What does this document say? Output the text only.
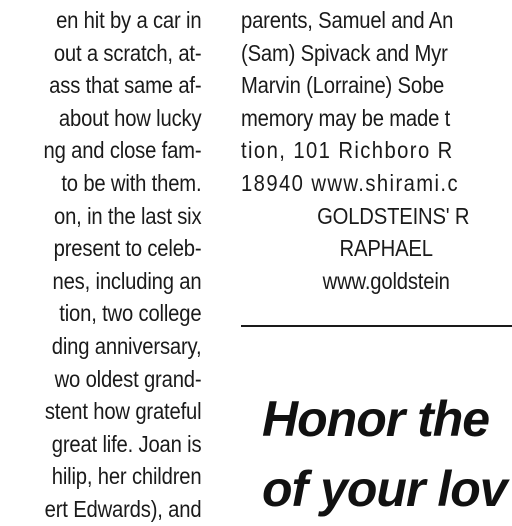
en hit by a car in
out a scratch, at-
ass that same af-
about how lucky
ng and close fam-
to be with them.
on, in the last six
present to celeb-
nes, including an
tion, two college
ding anniversary,
wo oldest grand-
stent how grateful
great life. Joan is
hilip, her children
ert Edwards), and
parents, Samuel and An
(Sam) Spivack and Myr
Marvin (Lorraine) Sobe
memory may be made t
tion, 101 Richboro R
18940 www.shirami.c
GOLDSTEINS' R
RAPHAEL
www.goldstein
Honor the
of your lov
